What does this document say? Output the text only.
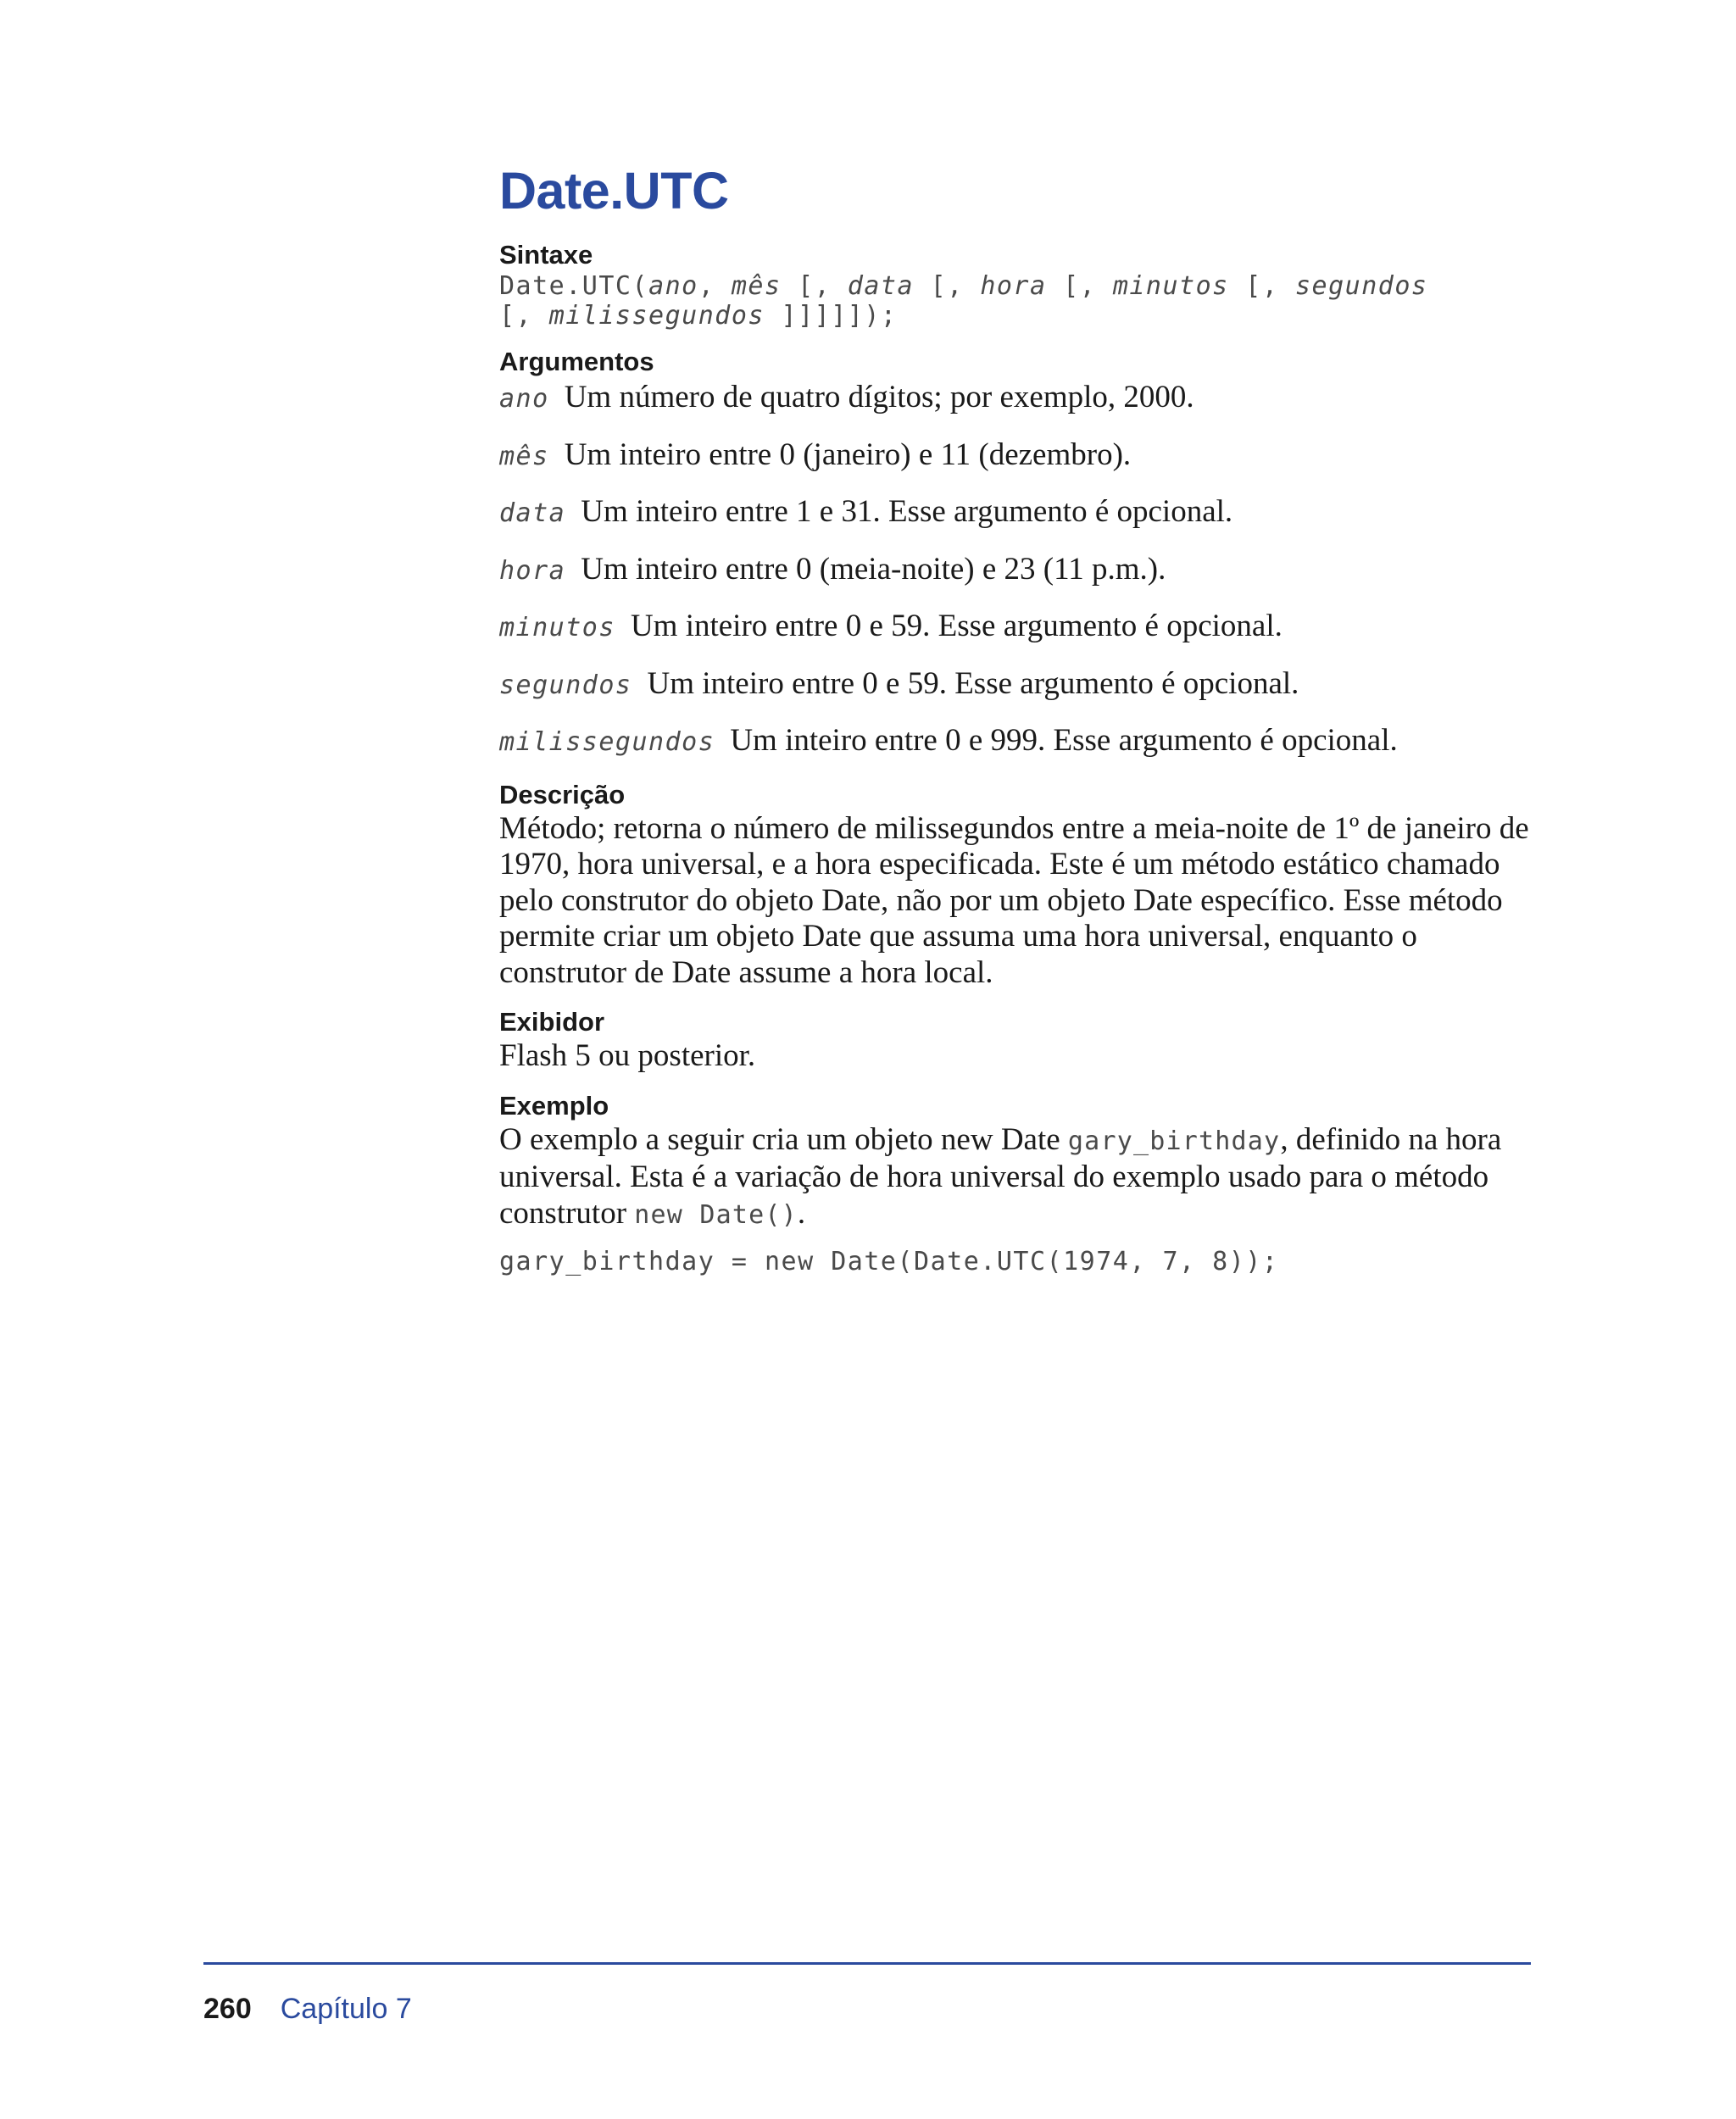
Date.UTC
Sintaxe
Date.UTC(ano, mês [, data [, hora [, minutos [, segundos
[, milissegundos ]]]]]);
Argumentos
ano Um número de quatro dígitos; por exemplo, 2000.
mês Um inteiro entre 0 (janeiro) e 11 (dezembro).
data Um inteiro entre 1 e 31. Esse argumento é opcional.
hora Um inteiro entre 0 (meia-noite) e 23 (11 p.m.).
minutos Um inteiro entre 0 e 59. Esse argumento é opcional.
segundos Um inteiro entre 0 e 59. Esse argumento é opcional.
milissegundos Um inteiro entre 0 e 999. Esse argumento é opcional.
Descrição
Método; retorna o número de milissegundos entre a meia-noite de 1º de janeiro de 1970, hora universal, e a hora especificada. Este é um método estático chamado pelo construtor do objeto Date, não por um objeto Date específico. Esse método permite criar um objeto Date que assuma uma hora universal, enquanto o construtor de Date assume a hora local.
Exibidor
Flash 5 ou posterior.
Exemplo
O exemplo a seguir cria um objeto new Date gary_birthday, definido na hora universal. Esta é a variação de hora universal do exemplo usado para o método construtor new Date().
gary_birthday = new Date(Date.UTC(1974, 7, 8));
260 Capítulo 7
